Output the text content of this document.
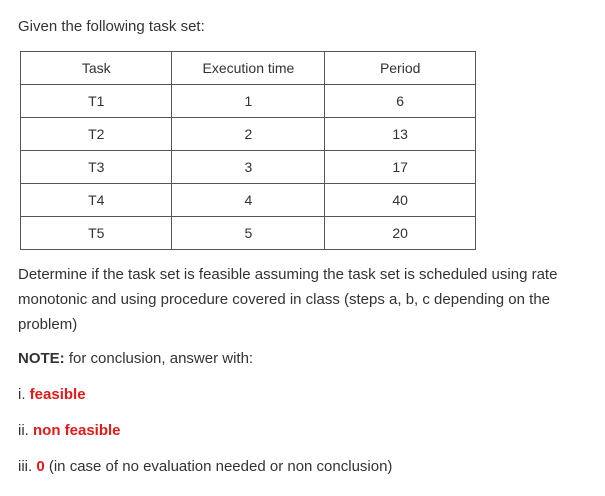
Given the following task set:

Task	Execution time	Period
T1	1	6
T2	2	13
T3	3	17
T4	4	40
T5	5	20

Determine if the task set is feasible assuming the task set is scheduled using rate monotonic and using procedure covered in class (steps a, b, c depending on the problem)

NOTE: for conclusion, answer with:

i. feasible

ii. non feasible

iii. 0 (in case of no evaluation needed or non conclusion)
